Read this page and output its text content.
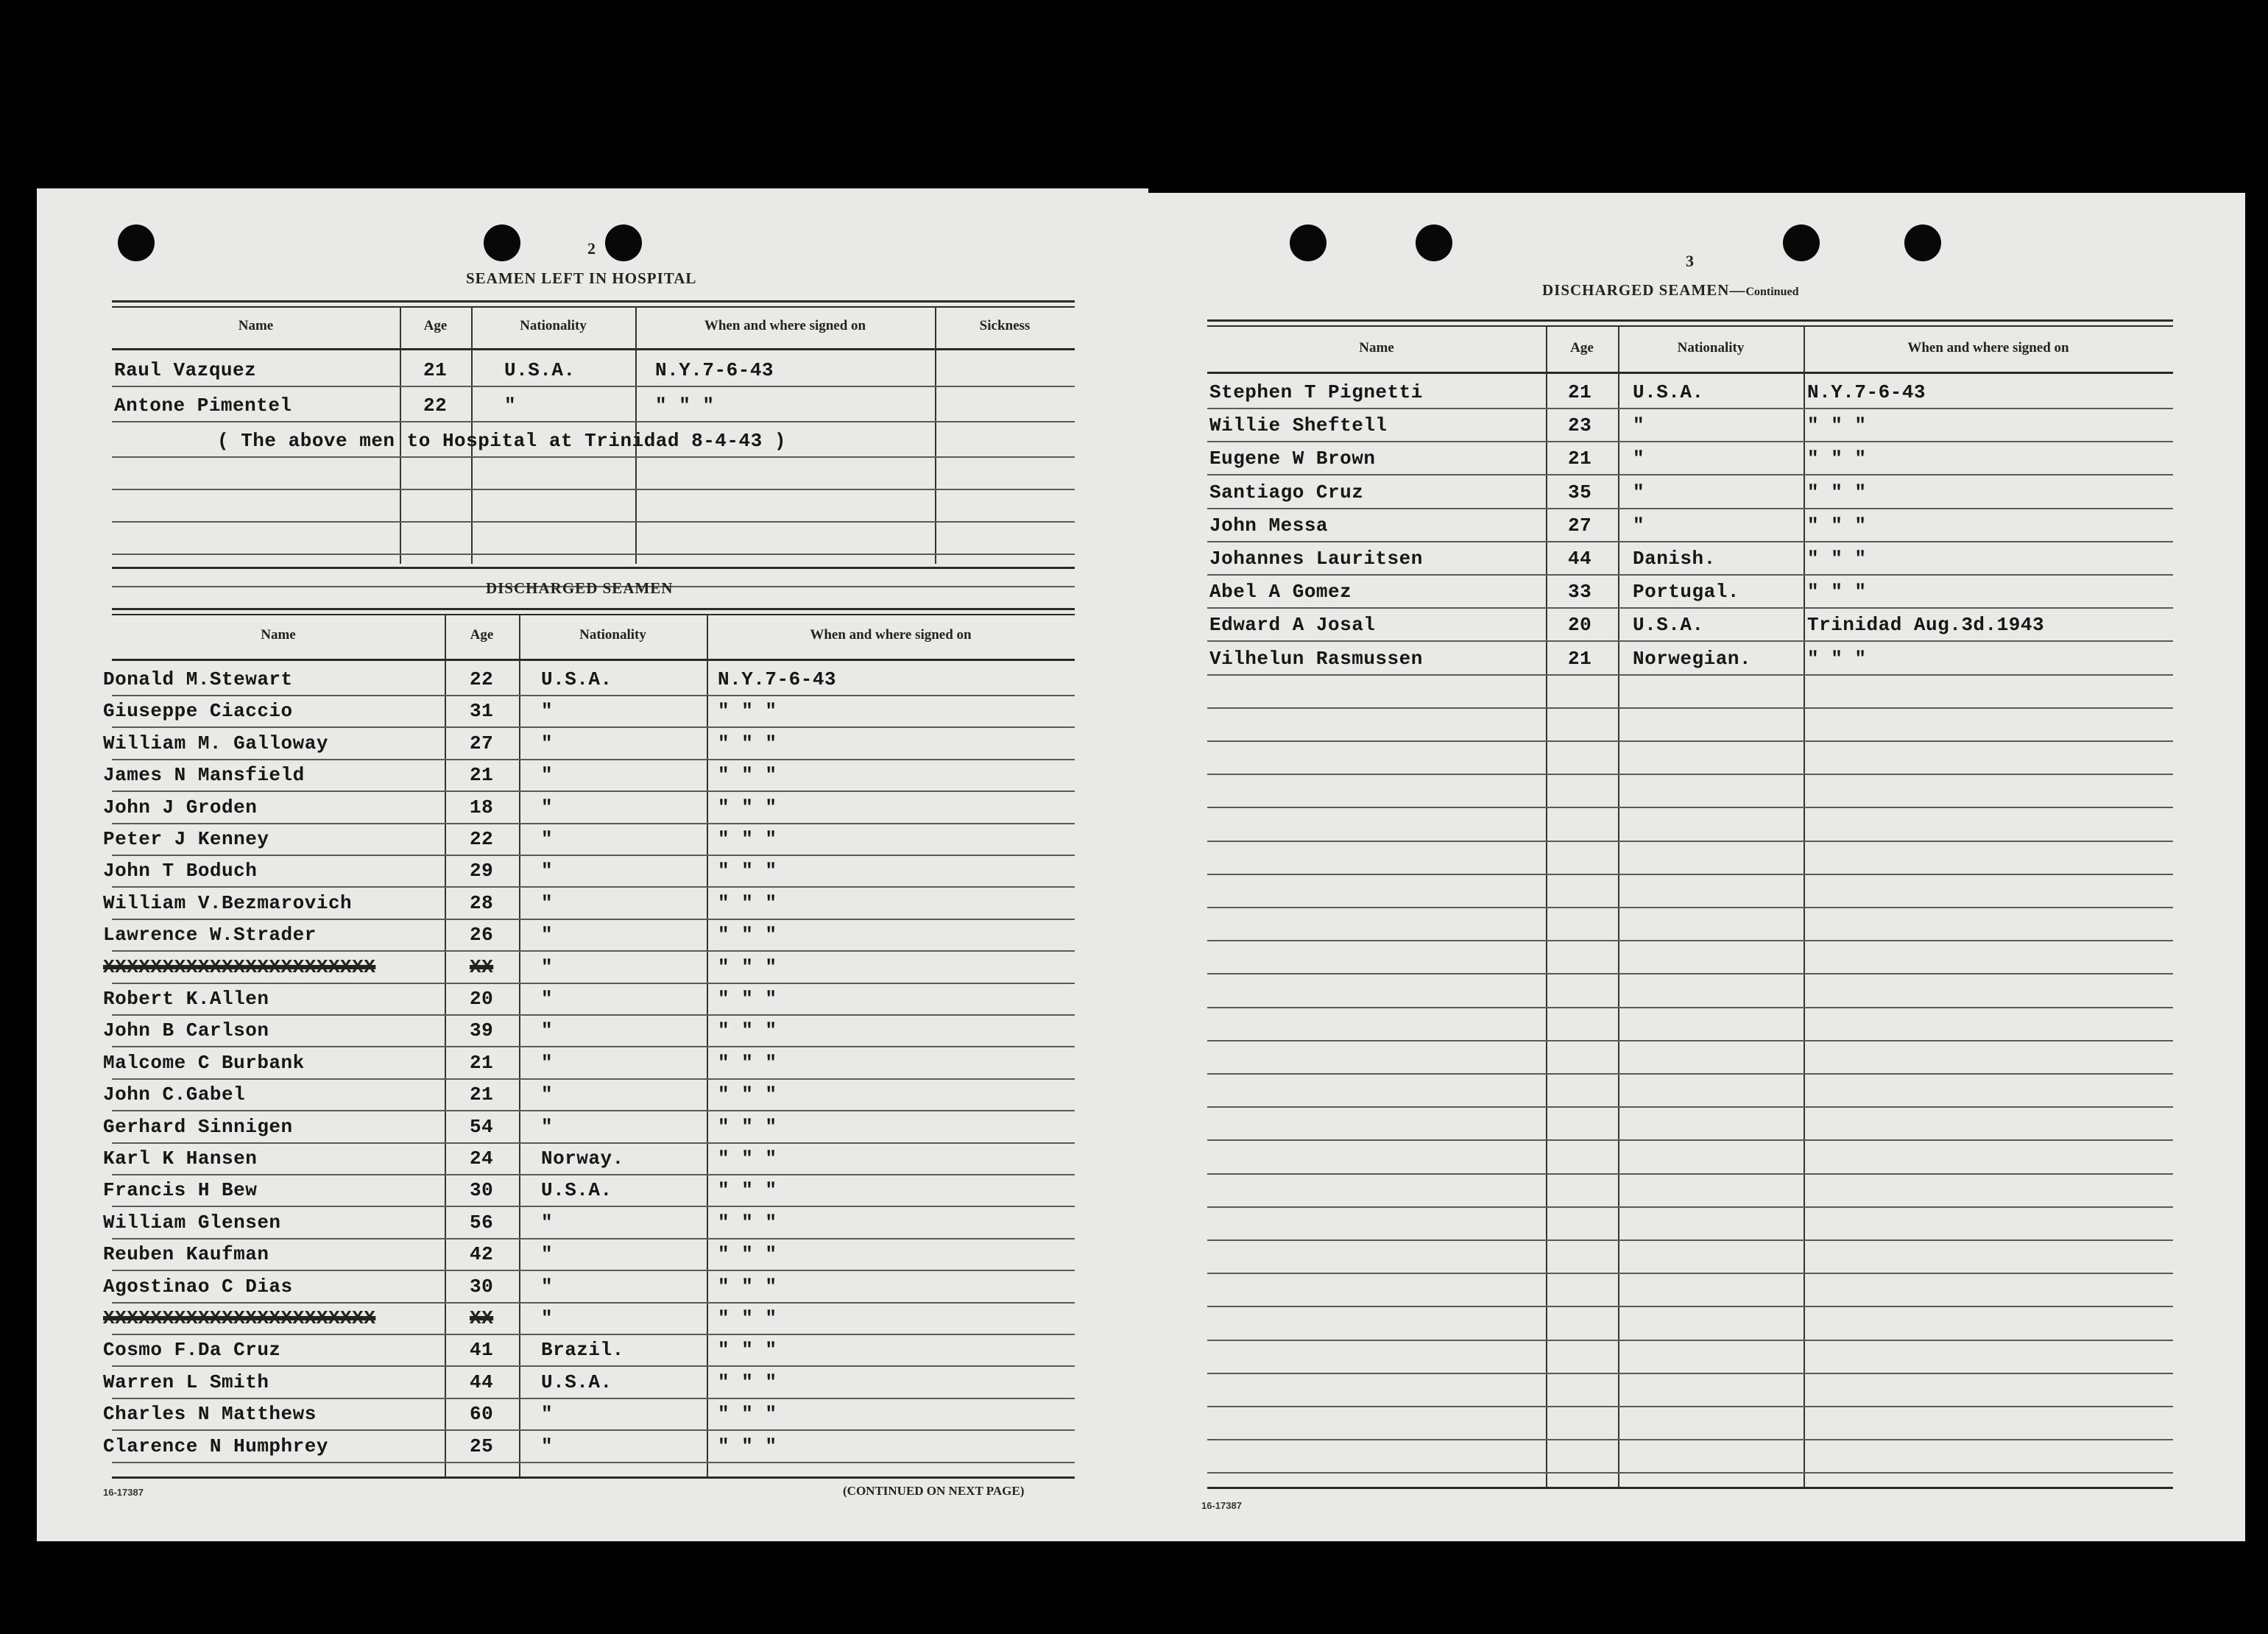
2
SEAMEN LEFT IN HOSPITAL
Name	Age	Nationality	When and where signed on	Sickness
Raul Vazquez	21	U.S.A.	N.Y.7-6-43
Antone Pimentel	22	"	" " "
( The above men to Hospital at Trinidad 8-4-43 )
DISCHARGED SEAMEN
Name	Age	Nationality	When and where signed on
Donald M.Stewart	22 U.S.A.	N.Y.7-6-43
Giuseppe Ciaccio	31 "	" " "
William M. Galloway	27 "	" " "
James N Mansfield	21 "	" " "
John J Groden	18 "	" " "
Peter J Kenney	22 "	" " "
John T Boduch	29 "	" " "
William V.Bezmarovich	28 "	" " "
Lawrence W.Strader	26 "	" " "
XXXXXXXXXXXXXXXXXXXXXXX	XX "	" " "
Robert K.Allen	20 "	" " "
John B Carlson	39 "	" " "
Malcome C Burbank	21 "	" " "
John C.Gabel	21 "	" " "
Gerhard Sinnigen	54 "	" " "
Karl K Hansen	24 Norway.	" " "
Francis H Bew	30 U.S.A.	" " "
William Glensen	56 "	" " "
Reuben Kaufman	42 "	" " "
Agostinao C Dias	30 "	" " "
XXXXXXXXXXXXXXXXXXXXXXX	XX "	" " "
Cosmo F.Da Cruz	41 Brazil.	" " "
Warren L Smith	44 U.S.A.	" " "
Charles N Matthews	60 "	" " "
Clarence N Humphrey	25 "	" " "
16-17387	(CONTINUED ON NEXT PAGE)
3
DISCHARGED SEAMEN—Continued
Name	Age	Nationality	When and where signed on
Stephen T Pignetti	21 U.S.A.	N.Y.7-6-43
Willie Sheftell	23 "	" " "
Eugene W Brown	21 "	" " "
Santiago Cruz	35 "	" " "
John Messa	27 "	" " "
Johannes Lauritsen	44 Danish.	" " "
Abel A Gomez	33 Portugal.	" " "
Edward A Josal	20 U.S.A.	Trinidad Aug.3d.1943
Vilhelun Rasmussen	21 Norwegian.	" " "
16-17387
